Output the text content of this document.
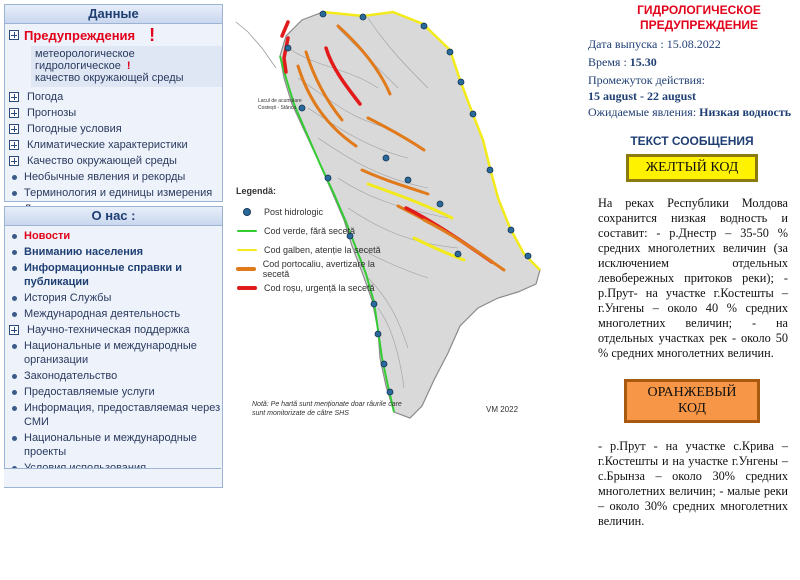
Данные
Предупреждения !
метеорологическое
гидрологическое !
качество окружающей среды
Погода
Прогнозы
Погодные условия
Климатические характеристики
Качество окружающей среды
Необычные явления и рекорды
Терминология и единицы измерения
О нас :
Новости
Вниманию населения
Информационные справки и публикации
История Службы
Международная деятельность
Научно-техническая поддержка
Национальные и международные организации
Законодательство
Предоставляемые услуги
Информация, предоставляемая через СМИ
Национальные и международные проекты
Lacul de acumulare
Costești - Stânca
Legendă:
Post hidrologic
Cod verde, fără secetă
Cod galben, atenție la secetă
Cod portocaliu, avertizare la secetă
Cod roșu, urgență la secetă
Notă: Pe hartă sunt menționate doar râurile care sunt monitorizate de către SHS	VM 2022
ГИДРОЛОГИЧЕСКОЕ
ПРЕДУПРЕЖДЕНИЕ
Дата выпуска : 15.08.2022
Время : 15.30
Промежуток действия:
15 august - 22 august
Ожидаемые явления: Низкая водность
ТЕКСТ СООБЩЕНИЯ
ЖЕЛТЫЙ КОД
На реках Республики Молдова сохранится низкая водность и составит: - р.Днестр – 35-50 % средних многолетних величин (за исключением отдельных левобережных притоков реки); - р.Прут- на участке г.Костешты – г.Унгены – около 40 % средних многолетних величин; - на отдельных участках рек - около 50 % средних многолетних величин.
ОРАНЖЕВЫЙ КОД
- р.Прут - на участке с.Крива – г.Костешты и на участке г.Унгены – с.Брынза – около 30% средних многолетних величин; - малые реки – около 30% средних многолетних величин.
